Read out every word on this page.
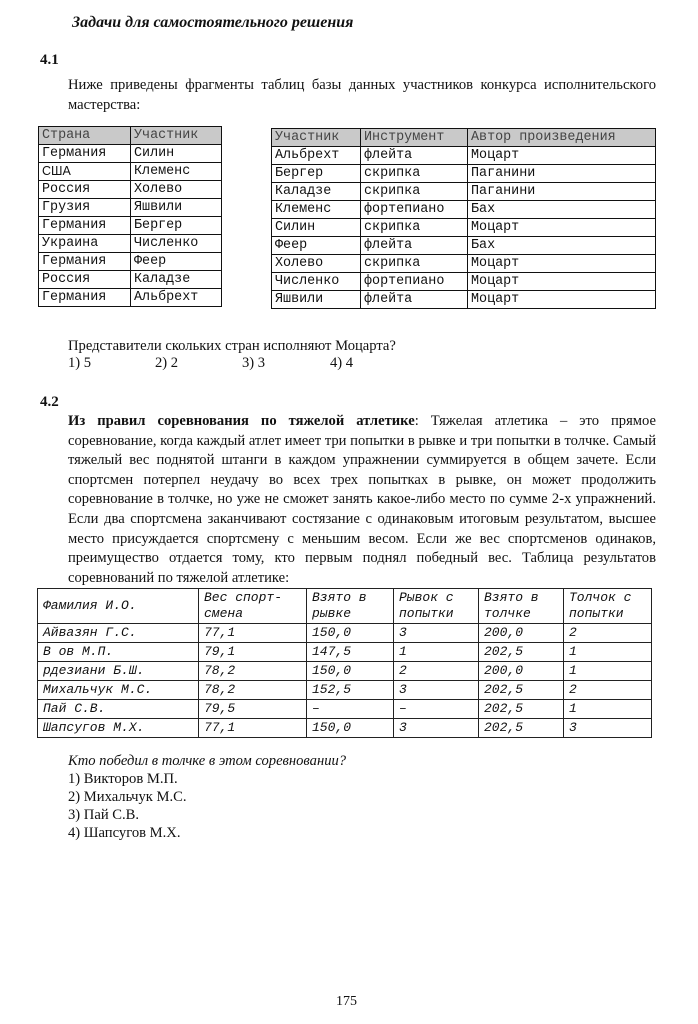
Задачи для самостоятельного решения
4.1
Ниже приведены фрагменты таблиц базы данных участников конкурса исполнительского мастерства:
Страна	Участник
Германия	Силин
США	Клеменс
Россия	Холево
Грузия	Яшвили
Германия	Бергер
Украина	Численко
Германия	Феер
Россия	Каладзе
Германия	Альбрехт
Участник	Инструмент	Автор произведения
Альбрехт	флейта	Моцарт
Бергер	скрипка	Паганини
Каладзе	скрипка	Паганини
Клеменс	фортепиано	Бах
Силин	скрипка	Моцарт
Феер	флейта	Бах
Холево	скрипка	Моцарт
Численко	фортепиано	Моцарт
Яшвили	флейта	Моцарт
Представители скольких стран исполняют Моцарта?
1) 5	2) 2	3) 3	4) 4
4.2
Из правил соревнования по тяжелой атлетике: Тяжелая атлетика – это прямое соревнование, когда каждый атлет имеет три попытки в рывке и три попытки в толчке. Самый тяжелый вес поднятой штанги в каждом упражнении суммируется в общем зачете. Если спортсмен потерпел неудачу во всех трех попытках в рывке, он может продолжить соревнование в толчке, но уже не сможет занять какое-либо место по сумме 2-х упражнений. Если два спортсмена заканчивают состязание с одинаковым итоговым результатом, высшее место присуждается спортсмену с меньшим весом. Если же вес спортсменов одинаков, преимущество отдается тому, кто первым поднял победный вес. Таблица результатов соревнований по тяжелой атлетике:
Фамилия И.О.	Вес спорт-смена	Взято в рывке	Рывок с попытки	Взято в толчке	Толчок с попытки
Айвазян Г.С.	77,1	150,0	3	200,0	2
В ов М.П.	79,1	147,5	1	202,5	1
рдезиани Б.Ш.	78,2	150,0	2	200,0	1
Михальчук М.С.	78,2	152,5	3	202,5	2
Пай С.В.	79,5	–	–	202,5	1
Шапсугов М.Х.	77,1	150,0	3	202,5	3
Кто победил в толчке в этом соревновании?
1) Викторов М.П.
2) Михальчук М.С.
3) Пай С.В.
4) Шапсугов М.Х.
175
